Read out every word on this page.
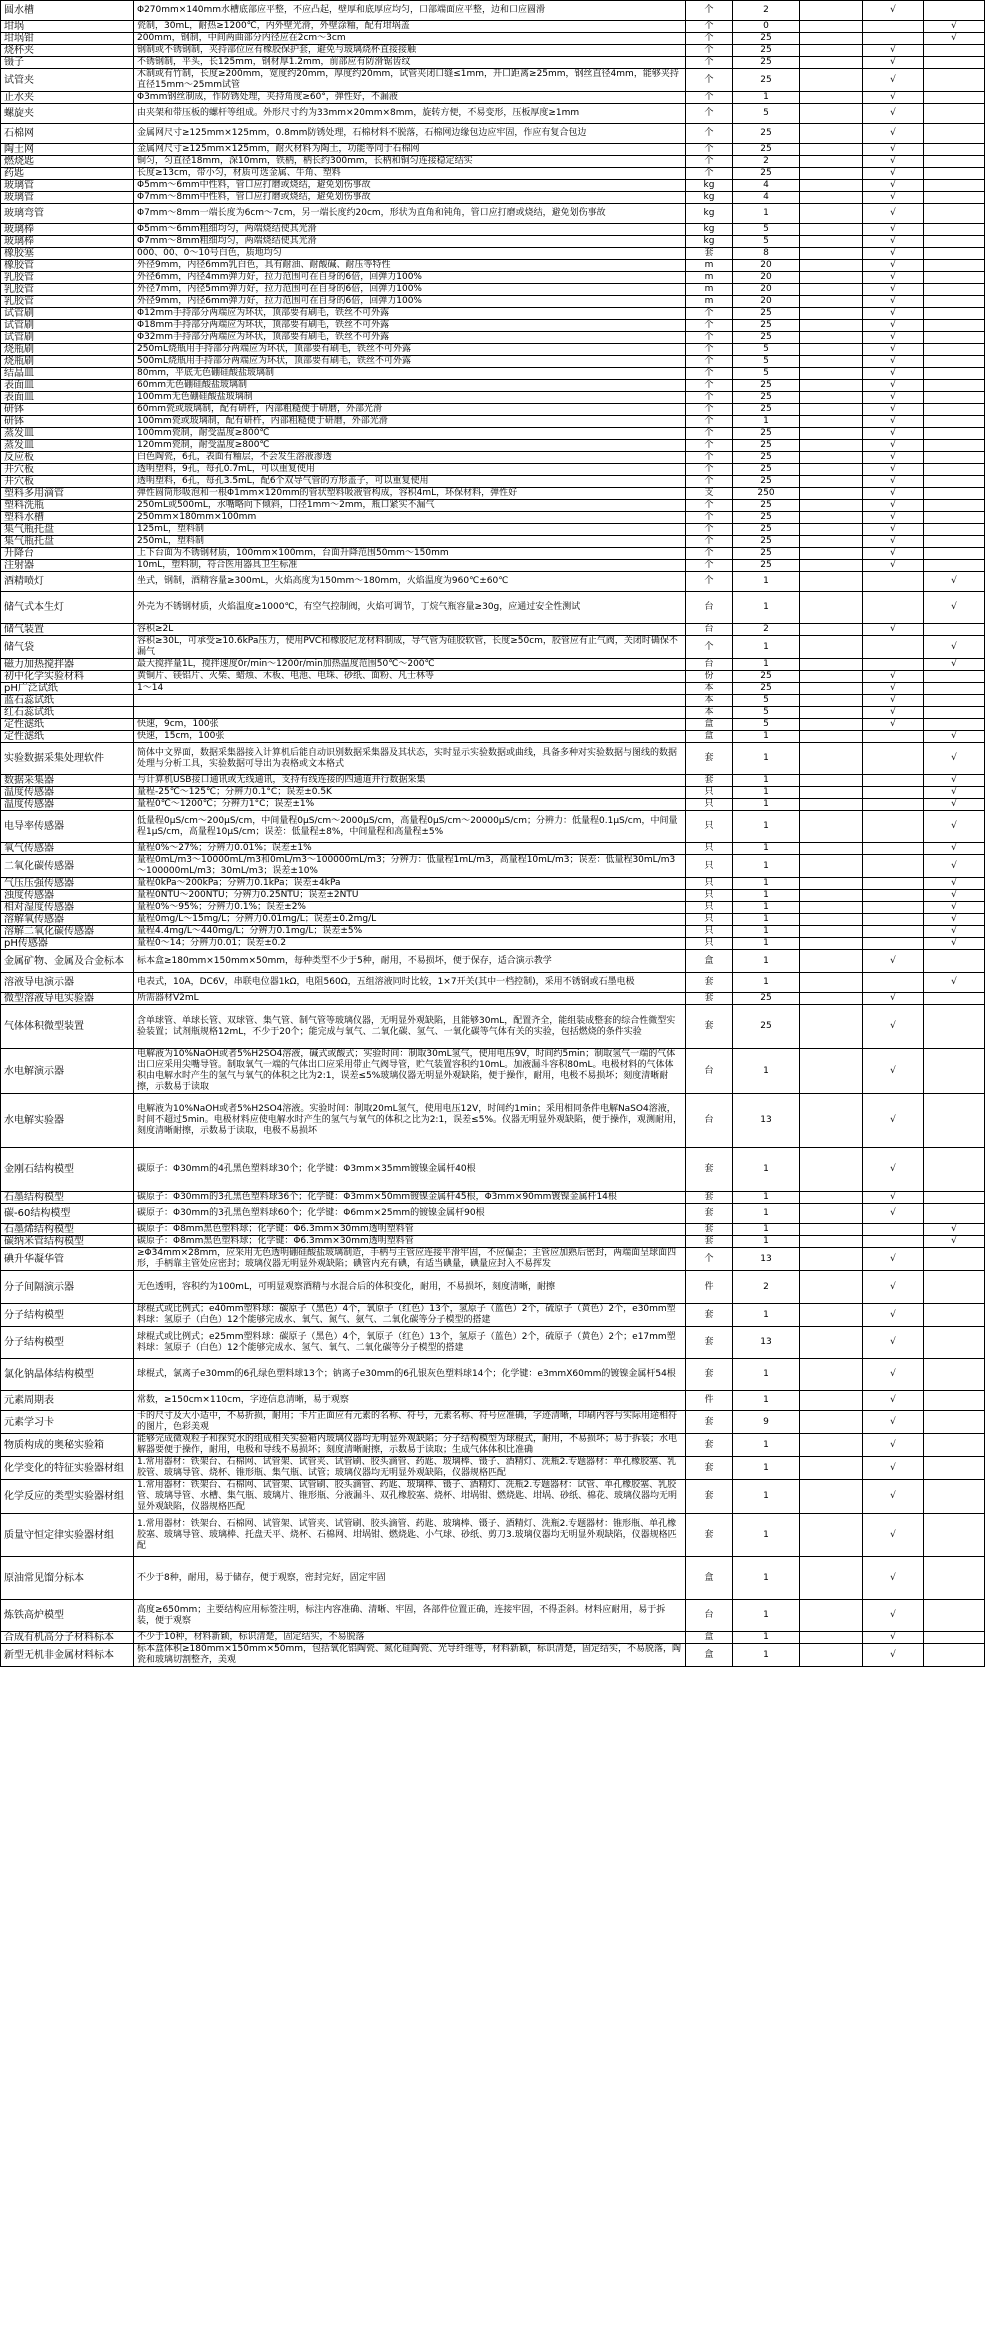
圆水槽	Φ270mm×140mm水槽底部应平整，不应凸起，壁厚和底厚应均匀，口部端面应平整，边和口应圆滑	个	2		√	
坩埚	瓷制，30mL，耐热≥1200℃，内外壁光滑，外壁涂釉，配有坩埚盖	个	0			√
坩埚钳	200mm，钢制，中间两曲部分内径应在2cm～3cm	个	25			√
烧杯夹	钢制或不锈钢制，夹持部位应有橡胶保护套，避免与玻璃烧杯直接接触	个	25		√	
镊子	不锈钢制，平头，长125mm，钢材厚1.2mm，前部应有防滑锯齿纹	个	25		√	
试管夹	木制或有竹制，长度≥200mm，宽度约20mm，厚度约20mm，试管夹闭口缝≤1mm，开口距离≥25mm，钢丝直径4mm，能够夹持直径15mm～25mm试管	个	25		√	
止水夹	Φ3mm钢丝制成，作防锈处理，夹持角度≥60°，弹性好，不漏液	个	1		√	
螺旋夹	由夹架和带压板的螺杆等组成。外形尺寸约为33mm×20mm×8mm，旋转方便，不易变形，压板厚度≥1mm	个	5		√	
石棉网	金属网尺寸≥125mm×125mm，0.8mm防锈处理，石棉材料不脱落，石棉网边缘包边应牢固，作应有复合包边	个	25		√	
陶土网	金属网尺寸≥125mm×125mm，耐火材料为陶土，功能等同于石棉网	个	25		√	
燃烧匙	铜匀，匀直径18mm，深10mm，铁柄，柄长约300mm，长柄和铜匀连接稳定结实	个	2		√	
药匙	长度≥13cm，带小匀，材质可选金属、牛角、塑料	个	25		√	
玻璃管	Φ5mm～6mm中性料，管口应打磨或烧结，避免划伤事故	kg	4		√	
玻璃管	Φ7mm～8mm中性料，管口应打磨或烧结，避免划伤事故	kg	4		√	
玻璃弯管	Φ7mm～8mm一端长度为6cm～7cm，另一端长度约20cm，形状为直角和钝角，管口应打磨或烧结，避免划伤事故	kg	1		√	
玻璃棒	Φ5mm～6mm粗细均匀，两端烧结使其光滑	kg	5		√	
玻璃棒	Φ7mm～8mm粗细均匀，两端烧结使其光滑	kg	5		√	
橡胶塞	000、00、0～10号白色，质地均匀	套	8		√	
橡胶管	外径9mm，内径6mm乳白色，具有耐油、耐酸碱、耐压等特性	m	20		√	
乳胶管	外径6mm，内径4mm弹力好，拉力范围可在自身的6倍，回弹力100%	m	20		√	
乳胶管	外径7mm，内径5mm弹力好，拉力范围可在自身的6倍，回弹力100%	m	20		√	
乳胶管	外径9mm，内径6mm弹力好，拉力范围可在自身的6倍，回弹力100%	m	20		√	
试管刷	Φ12mm手持部分两端应为环状，顶部要有刷毛，铁丝不可外露	个	25		√	
试管刷	Φ18mm手持部分两端应为环状，顶部要有刷毛，铁丝不可外露	个	25		√	
试管刷	Φ32mm手持部分两端应为环状，顶部要有刷毛，铁丝不可外露	个	25		√	
烧瓶刷	250mL烧瓶用手持部分两端应为环状，顶部要有刷毛，铁丝不可外露	个	5		√	
烧瓶刷	500mL烧瓶用手持部分两端应为环状，顶部要有刷毛，铁丝不可外露	个	5		√	
结晶皿	80mm，平底无色硼硅酸盐玻璃制	个	5		√	
表面皿	60mm无色硼硅酸盐玻璃制	个	25		√	
表面皿	100mm无色硼硅酸盐玻璃制	个	25		√	
研钵	60mm瓷或玻璃制，配有研杵，内部粗糙便于研磨，外部光滑	个	25		√	
研钵	100mm瓷或玻璃制，配有研杵，内部粗糙便于研磨，外部光滑	个	1		√	
蒸发皿	100mm瓷制，耐受温度≥800℃	个	25		√	
蒸发皿	120mm瓷制，耐受温度≥800℃	个	25		√	
反应板	白色陶瓷，6孔，表面有釉层，不会发生溶液渗透	个	25		√	
井穴板	透明塑料，9孔，每孔0.7mL，可以重复使用	个	25		√	
井穴板	透明塑料，6孔，每孔3.5mL，配6个双导气管的方形盖子，可以重复使用	个	25		√	
塑料多用滴管	弹性圆筒形吸泡和一根Φ1mm×120mm的管状塑料吸液管构成，容积4mL，环保材料，弹性好	支	250		√	
塑料洗瓶	250mL或500mL，水嘴略向下倾斜，口径1mm～2mm，瓶口紧实不漏气	个	25		√	
塑料水槽	250mm×180mm×100mm	个	25		√	
集气瓶托盘	125mL，塑料制	个	25		√	
集气瓶托盘	250mL，塑料制	个	25		√	
升降台	上下台面为不锈钢材质，100mm×100mm，台面升降范围50mm～150mm	个	25		√	
注射器	10mL，塑料制，符合医用器具卫生标准	个	25		√	
酒精喷灯	坐式，钢制，酒精容量≥300mL，火焰高度为150mm～180mm，火焰温度为960℃±60℃	个	1			√
储气式本生灯	外壳为不锈钢材质，火焰温度≥1000℃，有空气控制阀，火焰可调节，丁烷气瓶容量≥30g，应通过安全性测试	台	1			√
储气装置	容积≥2L	台	2		√	
储气袋	容积≥30L，可承受≥10.6kPa压力，使用PVC和橡胶尼龙材料制成，导气管为硅胶软管，长度≥50cm，胶管应有止气阀，关闭时确保不漏气	个	1			√
磁力加热搅拌器	最大搅拌量1L，搅拌速度0r/min～1200r/min加热温度范围50℃～200℃	台	1			√
初中化学实验材料	黄铜片、镁铝片、火柴、蜡烛、木板、电池、电珠、砂纸、面粉、凡士林等	份	25		√	
pH广泛试纸	1～14	本	25		√	
蓝石蕊试纸		本	5		√	
红石蕊试纸		本	5		√	
定性滤纸	快速，9cm，100张	盒	5		√	
定性滤纸	快速，15cm，100张	盒	1			√
实验数据采集处理软件	简体中文界面，数据采集器接入计算机后能自动识别数据采集器及其状态，实时显示实验数据或曲线，具备多种对实验数据与图线的数据处理与分析工具，实验数据可导出为表格或文本格式	套	1			√
数据采集器	与计算机USB接口通讯或无线通讯，支持有线连接的四通道并行数据采集	套	1			√
温度传感器	量程-25℃～125℃；分辨力0.1°C；误差±0.5K	只	1			√
温度传感器	量程0℃～1200℃；分辨力1°C；误差±1%	只	1			√
电导率传感器	低量程0μS/cm～200μS/cm，中间量程0μS/cm～2000μS/cm，高量程0μS/cm～20000μS/cm；分辨力：低量程0.1μS/cm，中间量程1μS/cm，高量程10μS/cm；误差：低量程±8%，中间量程和高量程±5%	只	1			√
氧气传感器	量程0%～27%；分辨力0.01%；误差±1%	只	1			√
二氧化碳传感器	量程0mL/m3～10000mL/m3和0mL/m3～100000mL/m3；分辨力：低量程1mL/m3，高量程10mL/m3；误差：低量程30mL/m3～100000mL/m3；30mL/m3；误差±10%	只	1			√
气压压强传感器	量程0kPa～200kPa；分辨力0.1kPa；误差±4kPa	只	1			√
浊度传感器	量程0NTU～200NTU；分辨力0.25NTU；误差±2NTU	只	1			√
相对湿度传感器	量程0%～95%；分辨力0.1%；误差±2%	只	1			√
溶解氧传感器	量程0mg/L～15mg/L；分辨力0.01mg/L；误差±0.2mg/L	只	1			√
溶解二氧化碳传感器	量程4.4mg/L～440mg/L；分辨力0.1mg/L；误差±5%	只	1			√
pH传感器	量程0～14；分辨力0.01；误差±0.2	只	1			√
金属矿物、金属及合金标本	标本盒≥180mm×150mm×50mm，每种类型不少于5种，耐用，不易损坏，便于保存，适合演示教学	盒	1		√	
溶液导电演示器	电表式，10A，DC6V，串联电位器1kΩ，电阻560Ω，五组溶液同时比较，1×7开关(其中一档控制)，采用不锈钢或石墨电极	套	1			√
微型溶液导电实验器	所需器材V2mL	套	25		√	
气体体积微型装置	含单球管、单球长管、双球管、集气管、制气管等玻璃仪器，无明显外观缺陷，且能够30mL，配置齐全，能组装成整套的综合性微型实验装置；试剂瓶规格12mL，不少于20个；能完成与氧气、二氧化碳、氢气、一氧化碳等气体有关的实验，包括燃烧的条件实验	套	25		√	
水电解演示器	电解液为10%NaOH或者5%H2SO4溶液，碱式或酸式；实验时间：制取30mL氢气，使用电压9V，时间约5min；制取氢气一端的气体出口应采用尖嘴导管。制取氧气一端的气体出口应采用带止气阀导管，贮气装置容积约10mL。加液漏斗容积80mL。电极材料的气体体积由电解水时产生的氢气与氧气的体积之比为2:1，误差≤5%玻璃仪器无明显外观缺陷，便于操作，耐用，电极不易损坏；刻度清晰耐擦，示数易于读取	台	1		√	
水电解实验器	电解液为10%NaOH或者5%H2SO4溶液。实验时间：制取20mL氢气，使用电压12V，时间约1min；采用相同条件电解NaSO4溶液，时间不超过5min。电极材料应使电解水时产生的氢气与氧气的体积之比为2:1，误差≤5%。仪器无明显外观缺陷，便于操作，观测耐用，刻度清晰耐擦，示数易于读取，电极不易损坏	台	13		√	
金刚石结构模型	碳原子：Φ30mm的4孔黑色塑料球30个；化学键：Φ3mm×35mm镀镍金属杆40根	套	1		√	
石墨结构模型	碳原子：Φ30mm的3孔黑色塑料球36个；化学键：Φ3mm×50mm镀镍金属杆45根，Φ3mm×90mm镀镍金属杆14根	套	1		√	
碳-60结构模型	碳原子：Φ30mm的3孔黑色塑料球60个；化学键：Φ6mm×25mm的镀镍金属杆90根	套	1		√	
石墨烯结构模型	碳原子：Φ8mm黑色塑料球；化学键：Φ6.3mm×30mm透明塑料管	套	1			√
碳纳米管结构模型	碳原子：Φ8mm黑色塑料球；化学键：Φ6.3mm×30mm透明塑料管	套	1			√
碘升华凝华管	≥Φ34mm×28mm，应采用无色透明硼硅酸盐玻璃制造，手柄与主管应连接平滑牢固，不应偏歪；主管应加熟后密封，两端面呈球面四形，手柄靠主管处应密封；玻璃仪器无明显外观缺陷；碘管内充有碘，有适当碘量，碘量应封入不易挥发	个	13		√	
分子间隔演示器	无色透明，容积约为100mL，可明显观察酒精与水混合后的体积变化，耐用，不易损坏，刻度清晰，耐擦	件	2		√	
分子结构模型	球棍式或比例式；e40mm塑料球：碳原子（黑色）4个，氧原子（红色）13个，氢原子（蓝色）2个，硫原子（黄色）2个，e30mm塑料球：氢原子（白色）12个能够完成水、氧气、氮气、氨气、二氧化碳等分子模型的搭建	套	1		√	
分子结构模型	球棍式或比例式；e25mm塑料球：碳原子（黑色）4个，氧原子（红色）13个，氢原子（蓝色）2个，硫原子（黄色）2个；e17mm塑料球：氢原子（白色）12个能够完成水、氢气、氧气、二氧化碳等分子模型的搭建	套	13		√	
氯化钠晶体结构模型	球棍式，氯离子e30mm的6孔绿色塑料球13个；钠离子e30mm的6孔银灰色塑料球14个；化学键：e3mmX60mm的镀镍金属杆54根	套	1		√	
元素周期表	常数，≥150cm×110cm，字迹信息清晰，易于观察	件	1		√	
元素学习卡	卡的尺寸及大小适中，不易折损，耐用；卡片正面应有元素的名称、符号，元素名称、符号应准确，字迹清晰，印刷内容与实际用途相符的图片，色彩美观	套	9		√	
物质构成的奥秘实验箱	能够完成微观粒子和探究水的组成相关实验箱内玻璃仪器均无明显外观缺陷；分子结构模型为球棍式，耐用，不易损坏；易于拆装；水电解器要便于操作，耐用，电极和导线不易损坏；刻度清晰耐擦，示数易于读取；生成气体体积比准确	套	1		√	
化学变化的特征实验器材组	1.常用器材：铁架台、石棉网、试管架、试管夹、试管刷、胶头滴管、药匙、玻璃棒、镊子、酒精灯、洗瓶2.专题器材：单孔橡胶塞、乳胶管、玻璃导管、烧杯、锥形瓶、集气瓶、试管；玻璃仪器均无明显外观缺陷，仪器规格匹配	套	1		√	
化学反应的类型实验器材组	1.常用器材：铁架台、石棉网、试管架、试管刷、胶头滴管、药匙、玻璃棒、镊子、酒精灯、洗瓶2.专题器材：试管、单孔橡胶塞、乳胶管、玻璃导管、水槽、集气瓶、玻璃片、锥形瓶、分液漏斗、双孔橡胶塞、烧杯、坩埚钳、燃烧匙、坩埚、砂纸、棉花、玻璃仪器均无明显外观缺陷，仪器规格匹配	套	1		√	
质量守恒定律实验器材组	1.常用器材：铁架台、石棉网、试管架、试管夹、试管刷、胶头滴管、药匙、玻璃棒、镊子、酒精灯、洗瓶2.专题器材：锥形瓶、单孔橡胶塞、玻璃导管、玻璃棒、托盘天平、烧杯、石棉网、坩埚钳、燃烧匙、小气球、砂纸、剪刀3.玻璃仪器均无明显外观缺陷，仪器规格匹配	套	1		√	
原油常见馏分标本	不少于8种，耐用，易于储存，便于观察，密封完好，固定牢固	盒	1		√	
炼铁高炉模型	高度≥650mm；主要结构应用标签注明，标注内容准确、清晰、牢固，各部件位置正确，连接牢固，不得歪斜。材料应耐用，易于拆装，便于观察	台	1		√	
合成有机高分子材料标本	不少于10种，材料新颖，标识清楚，固定结实，不易脱落	盒	1		√	
新型无机非金属材料标本	标本盒体积≥180mm×150mm×50mm，包括氧化铝陶瓷、氮化硅陶瓷、光导纤维等，材料新颖，标识清楚，固定结实，不易脱落，陶瓷和玻璃切割整齐，美观	盒	1		√	
